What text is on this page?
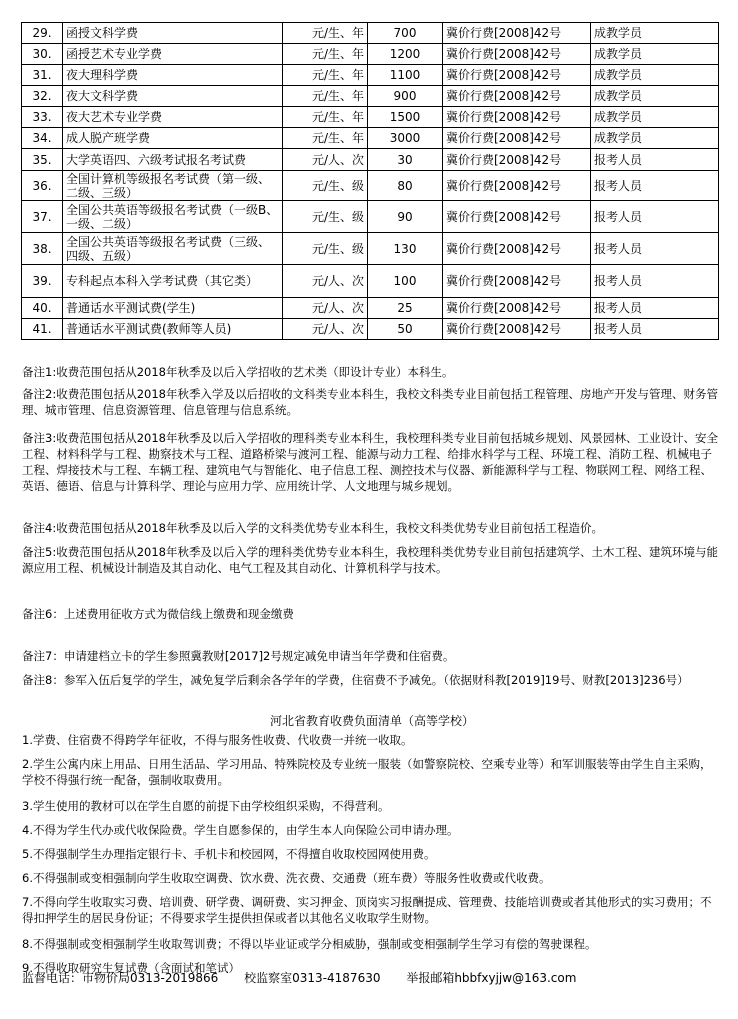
29.	函授文科学费	元/生、年	700	冀价行费[2008]42号	成教学员
30.	函授艺术专业学费	元/生、年	1200	冀价行费[2008]42号	成教学员
31.	夜大理科学费	元/生、年	1100	冀价行费[2008]42号	成教学员
32.	夜大文科学费	元/生、年	900	冀价行费[2008]42号	成教学员
33.	夜大艺术专业学费	元/生、年	1500	冀价行费[2008]42号	成教学员
34.	成人脱产班学费	元/生、年	3000	冀价行费[2008]42号	成教学员
35.	大学英语四、六级考试报名考试费	元/人、次	30	冀价行费[2008]42号	报考人员
36.	全国计算机等级报名考试费（第一级、二级、三级）	元/生、级	80	冀价行费[2008]42号	报考人员
37.	全国公共英语等级报名考试费（一级B、一级、二级）	元/生、级	90	冀价行费[2008]42号	报考人员
38.	全国公共英语等级报名考试费（三级、四级、五级）	元/生、级	130	冀价行费[2008]42号	报考人员
39.	专科起点本科入学考试费（其它类）	元/人、次	100	冀价行费[2008]42号	报考人员
40.	普通话水平测试费(学生)	元/人、次	25	冀价行费[2008]42号	报考人员
41.	普通话水平测试费(教师等人员)	元/人、次	50	冀价行费[2008]42号	报考人员

备注1:收费范围包括从2018年秋季及以后入学招收的艺术类（即设计专业）本科生。

备注2:收费范围包括从2018年秋季入学及以后招收的文科类专业本科生，我校文科类专业目前包括工程管理、房地产开发与管理、财务管理、城市管理、信息资源管理、信息管理与信息系统。

备注3:收费范围包括从2018年秋季及以后入学招收的理科类专业本科生，我校理科类专业目前包括城乡规划、风景园林、工业设计、安全工程、材料科学与工程、勘察技术与工程、道路桥梁与渡河工程、能源与动力工程、给排水科学与工程、环境工程、消防工程、机械电子工程、焊接技术与工程、车辆工程、建筑电气与智能化、电子信息工程、测控技术与仪器、新能源科学与工程、物联网工程、网络工程、英语、德语、信息与计算科学、理论与应用力学、应用统计学、人文地理与城乡规划。

备注4:收费范围包括从2018年秋季及以后入学的文科类优势专业本科生，我校文科类优势专业目前包括工程造价。

备注5:收费范围包括从2018年秋季及以后入学的理科类优势专业本科生，我校理科类优势专业目前包括建筑学、土木工程、建筑环境与能源应用工程、机械设计制造及其自动化、电气工程及其自动化、计算机科学与技术。

备注6：上述费用征收方式为微信线上缴费和现金缴费

备注7：申请建档立卡的学生参照冀教财[2017]2号规定减免申请当年学费和住宿费。

备注8：参军入伍后复学的学生，减免复学后剩余各学年的学费，住宿费不予减免。（依据财科教[2019]19号、财教[2013]236号）

河北省教育收费负面清单（高等学校）

1.学费、住宿费不得跨学年征收，不得与服务性收费、代收费一并统一收取。

2.学生公寓内床上用品、日用生活品、学习用品、特殊院校及专业统一服装（如警察院校、空乘专业等）和军训服装等由学生自主采购，学校不得强行统一配备，强制收取费用。

3.学生使用的教材可以在学生自愿的前提下由学校组织采购，不得营利。

4.不得为学生代办或代收保险费。学生自愿参保的，由学生本人向保险公司申请办理。

5.不得强制学生办理指定银行卡、手机卡和校园网，不得擅自收取校园网使用费。

6.不得强制或变相强制向学生收取空调费、饮水费、洗衣费、交通费（班车费）等服务性收费或代收费。

7.不得向学生收取实习费、培训费、研学费、调研费、实习押金、顶岗实习报酬提成、管理费、技能培训费或者其他形式的实习费用；不得扣押学生的居民身份证；不得要求学生提供担保或者以其他名义收取学生财物。

8.不得强制或变相强制学生收取驾训费；不得以毕业证或学分相威胁，强制或变相强制学生学习有偿的驾驶课程。

9.不得收取研究生复试费（含面试和笔试）

监督电话：市物价局0313-2019866 校监察室0313-4187630 举报邮箱hbbfxyjjw@163.com
